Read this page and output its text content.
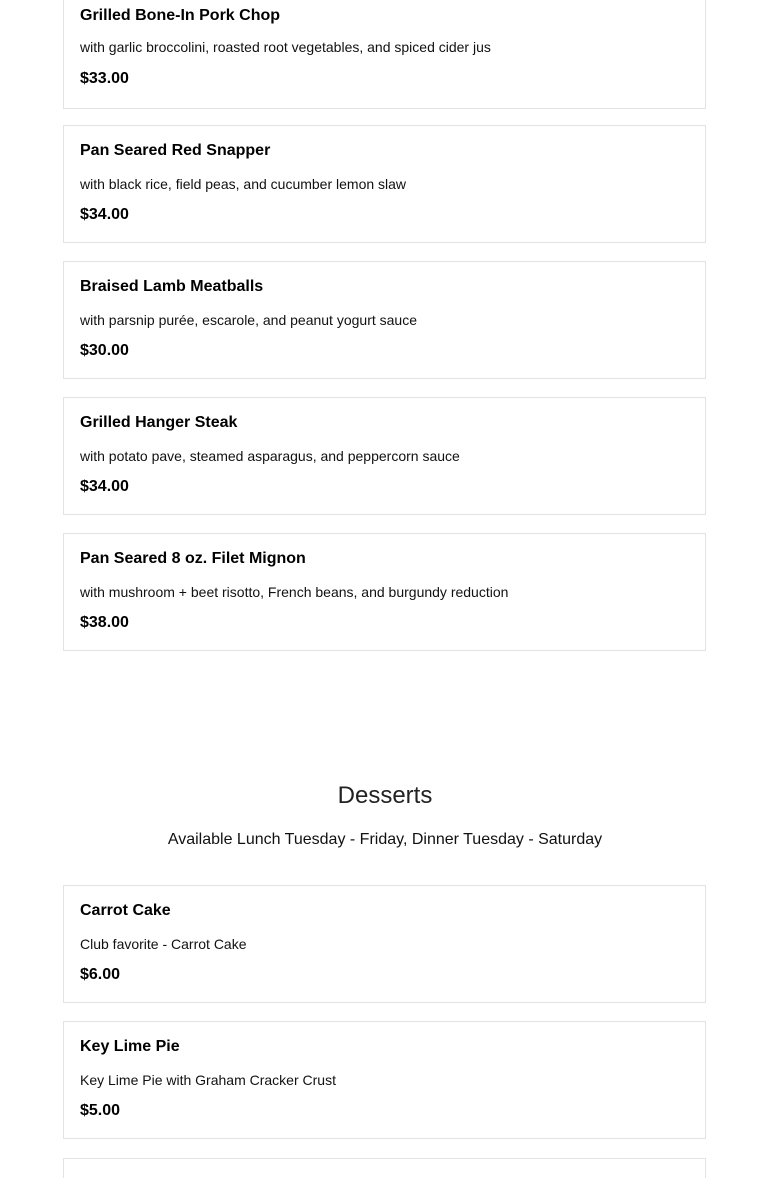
Grilled Bone-In Pork Chop
with garlic broccolini, roasted root vegetables, and spiced cider jus
$33.00
Pan Seared Red Snapper
with black rice, field peas, and cucumber lemon slaw
$34.00
Braised Lamb Meatballs
with parsnip purée, escarole, and peanut yogurt sauce
$30.00
Grilled Hanger Steak
with potato pave, steamed asparagus, and peppercorn sauce
$34.00
Pan Seared 8 oz. Filet Mignon
with mushroom + beet risotto, French beans, and burgundy reduction
$38.00
Desserts

Available Lunch Tuesday - Friday, Dinner Tuesday - Saturday

Carrot Cake
Club favorite - Carrot Cake
$6.00
Key Lime Pie
Key Lime Pie with Graham Cracker Crust
$5.00
